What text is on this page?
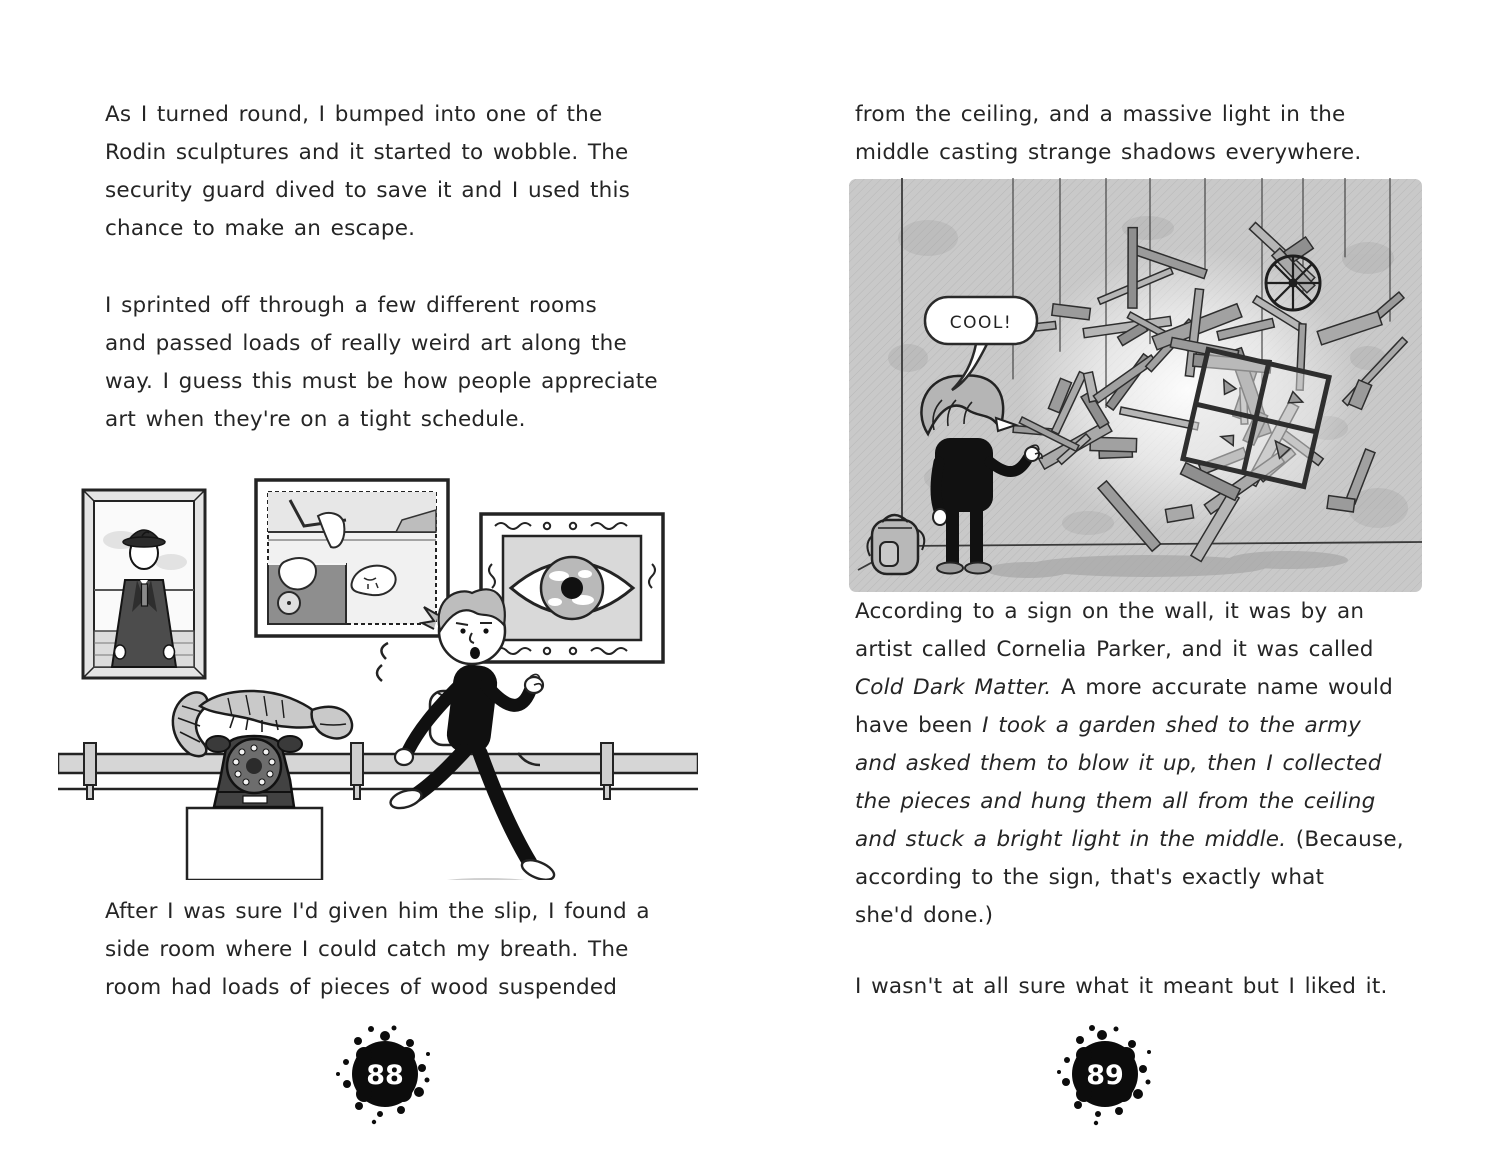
As I turned round, I bumped into one of the
Rodin sculptures and it started to wobble. The
security guard dived to save it and I used this
chance to make an escape.
I sprinted off through a few different rooms
and passed loads of really weird art along the
way. I guess this must be how people appreciate
art when they're on a tight schedule.
After I was sure I'd given him the slip, I found a
side room where I could catch my breath. The
room had loads of pieces of wood suspended
88
from the ceiling, and a massive light in the
middle casting strange shadows everywhere.
COOL!
According to a sign on the wall, it was by an
artist called Cornelia Parker, and it was called
Cold Dark Matter. A more accurate name would
have been I took a garden shed to the army
and asked them to blow it up, then I collected
the pieces and hung them all from the ceiling
and stuck a bright light in the middle. (Because,
according to the sign, that's exactly what
she'd done.)
I wasn't at all sure what it meant but I liked it.
89
